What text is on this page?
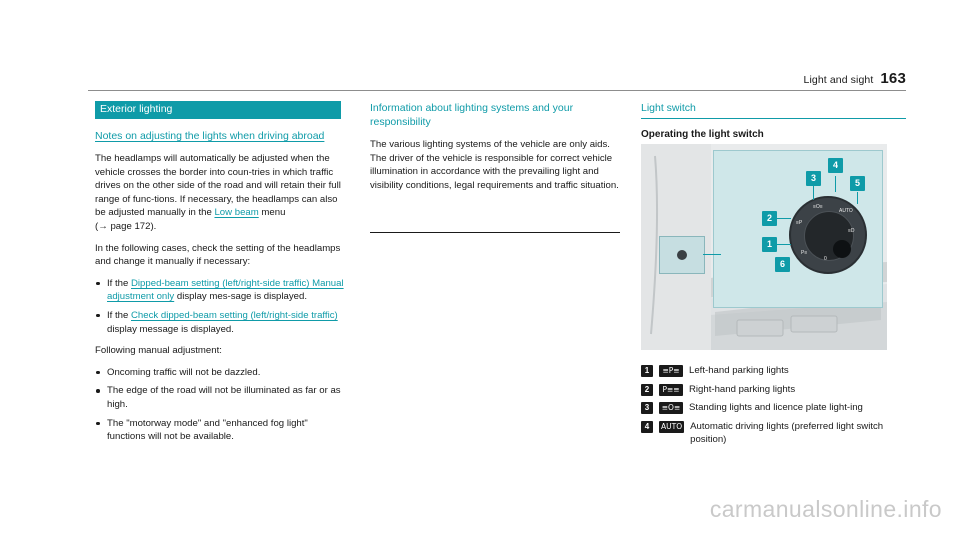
Light and sight 163
Exterior lighting
Notes on adjusting the lights when driving abroad

The headlamps will automatically be adjusted when the vehicle crosses the border into coun‑tries in which traffic drives on the other side of the road and will retain their full range of func‑tions. If necessary, the headlamps can also be adjusted manually in the Low beam menu
(→ page 172).

In the following cases, check the setting of the headlamps and change it manually if necessary:

If the Dipped-beam setting (left/right-side traffic) Manual adjustment only display mes‑sage is displayed.
If the Check dipped-beam setting (left/right-side traffic) display message is displayed.

Following manual adjustment:

Oncoming traffic will not be dazzled.
The edge of the road will not be illuminated as far or as high.
The "motorway mode" and "enhanced fog light" functions will not be available.
Information about lighting systems and your responsibility

The various lighting systems of the vehicle are only aids. The driver of the vehicle is responsible for correct vehicle illumination in accordance with the prevailing light and visibility conditions, legal requirements and traffic situation.

Light switch
Operating the light switch
≡P
≡O≡
AUTO
≡D
0
P≡
1
2
3
4
5
6
1	≡P≡ Left-hand parking lights
2	P≡≡ Right-hand parking lights
3	≡O≡ Standing lights and licence plate light‑ing
4	AUTO Automatic driving lights (preferred light switch position)
carmanualsonline.info
